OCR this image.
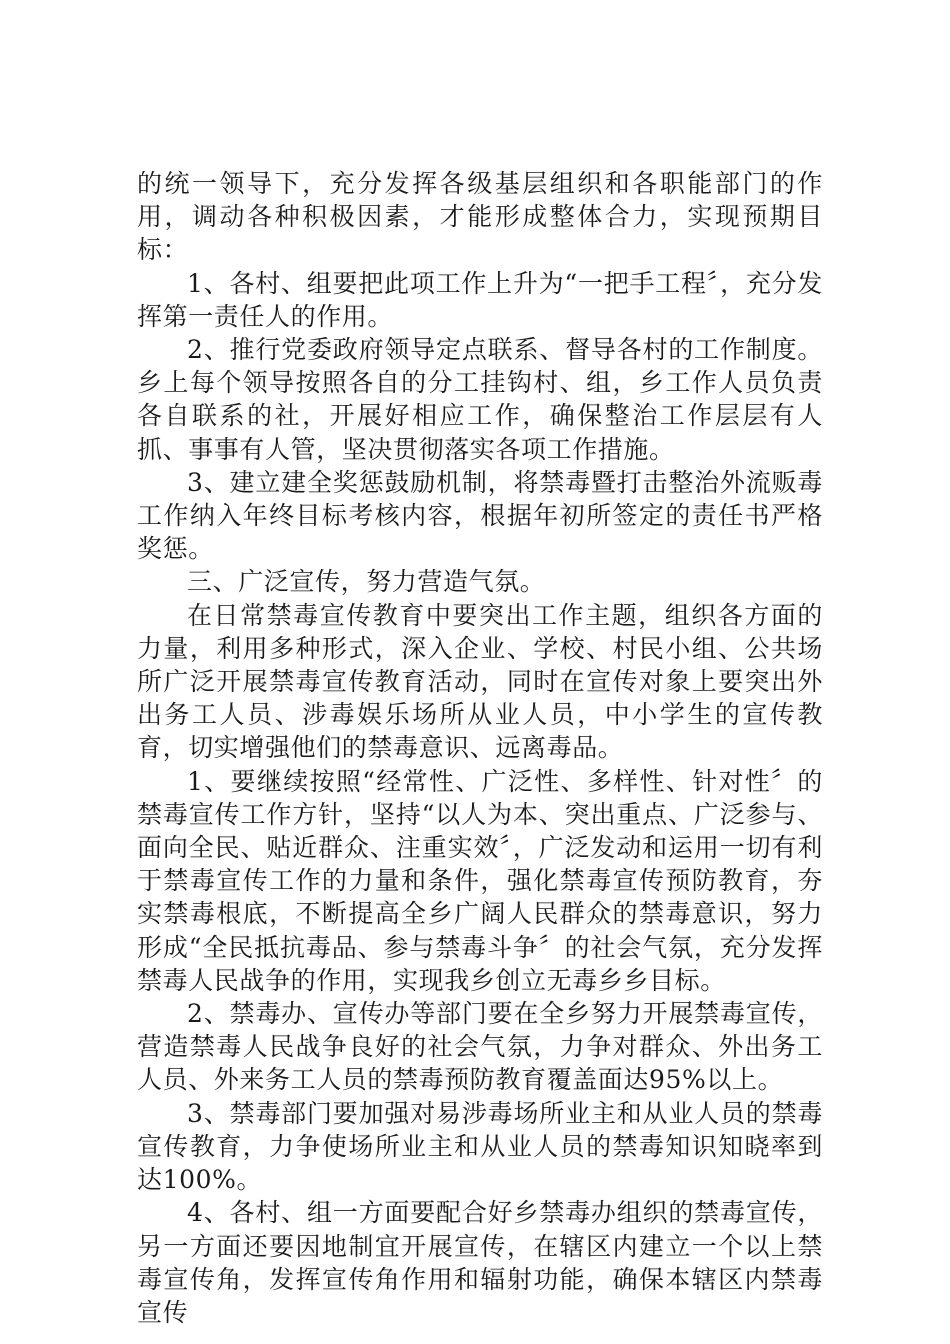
的统一领导下，充分发挥各级基层组织和各职能部门的作用，调动各种积极因素，才能形成整体合力，实现预期目标：

1、各村、组要把此项工作上升为“一把手工程〞，充分发挥第一责任人的作用。

2、推行党委政府领导定点联系、督导各村的工作制度。乡上每个领导按照各自的分工挂钩村、组，乡工作人员负责各自联系的社，开展好相应工作，确保整治工作层层有人抓、事事有人管，坚决贯彻落实各项工作措施。

3、建立建全奖惩鼓励机制，将禁毒暨打击整治外流贩毒工作纳入年终目标考核内容，根据年初所签定的责任书严格奖惩。

三、广泛宣传，努力营造气氛。

在日常禁毒宣传教育中要突出工作主题，组织各方面的力量，利用多种形式，深入企业、学校、村民小组、公共场所广泛开展禁毒宣传教育活动，同时在宣传对象上要突出外出务工人员、涉毒娱乐场所从业人员，中小学生的宣传教育，切实增强他们的禁毒意识、远离毒品。

1、要继续按照“经常性、广泛性、多样性、针对性〞的禁毒宣传工作方针，坚持“以人为本、突出重点、广泛参与、面向全民、贴近群众、注重实效〞，广泛发动和运用一切有利于禁毒宣传工作的力量和条件，强化禁毒宣传预防教育，夯实禁毒根底，不断提高全乡广阔人民群众的禁毒意识，努力形成“全民抵抗毒品、参与禁毒斗争〞的社会气氛，充分发挥禁毒人民战争的作用，实现我乡创立无毒乡乡目标。

2、禁毒办、宣传办等部门要在全乡努力开展禁毒宣传，营造禁毒人民战争良好的社会气氛，力争对群众、外出务工人员、外来务工人员的禁毒预防教育覆盖面达95%以上。

3、禁毒部门要加强对易涉毒场所业主和从业人员的禁毒宣传教育，力争使场所业主和从业人员的禁毒知识知晓率到达100%。

4、各村、组一方面要配合好乡禁毒办组织的禁毒宣传，另一方面还要因地制宜开展宣传，在辖区内建立一个以上禁毒宣传角，发挥宣传角作用和辐射功能，确保本辖区内禁毒宣传
